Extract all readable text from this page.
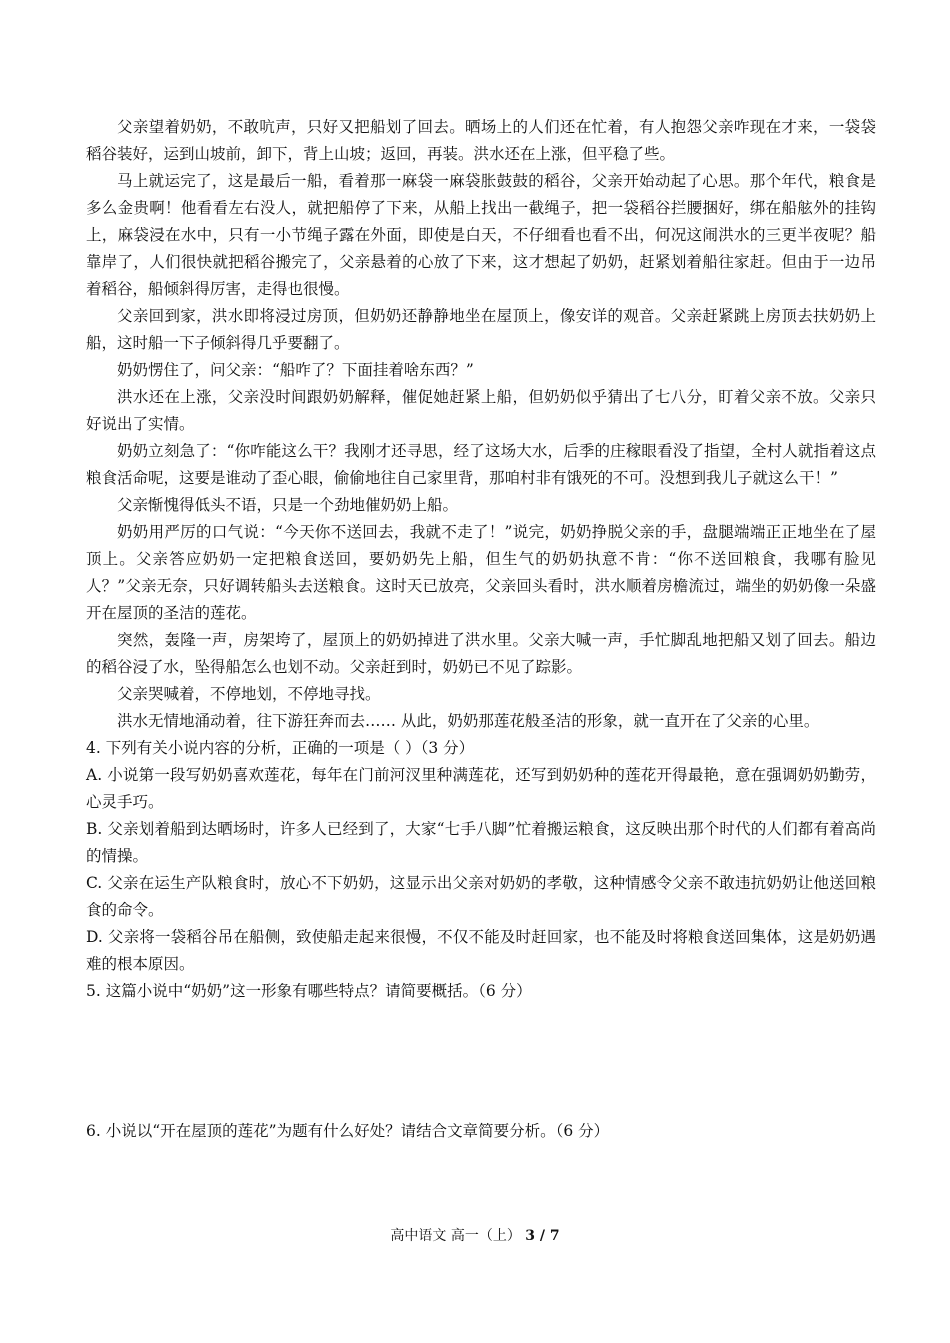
父亲望着奶奶，不敢吭声，只好又把船划了回去。晒场上的人们还在忙着，有人抱怨父亲咋现在才来，一袋袋稻谷装好，运到山坡前，卸下，背上山坡；返回，再装。洪水还在上涨，但平稳了些。

马上就运完了，这是最后一船，看着那一麻袋一麻袋胀鼓鼓的稻谷，父亲开始动起了心思。那个年代，粮食是多么金贵啊！他看看左右没人，就把船停了下来，从船上找出一截绳子，把一袋稻谷拦腰捆好，绑在船舷外的挂钩上，麻袋浸在水中，只有一小节绳子露在外面，即使是白天，不仔细看也看不出，何况这闹洪水的三更半夜呢？船靠岸了，人们很快就把稻谷搬完了，父亲悬着的心放了下来，这才想起了奶奶，赶紧划着船往家赶。但由于一边吊着稻谷，船倾斜得厉害，走得也很慢。

父亲回到家，洪水即将浸过房顶，但奶奶还静静地坐在屋顶上，像安详的观音。父亲赶紧跳上房顶去扶奶奶上船，这时船一下子倾斜得几乎要翻了。

奶奶愣住了，问父亲：“船咋了？下面挂着啥东西？”

洪水还在上涨，父亲没时间跟奶奶解释，催促她赶紧上船，但奶奶似乎猜出了七八分，盯着父亲不放。父亲只好说出了实情。

奶奶立刻急了：“你咋能这么干？我刚才还寻思，经了这场大水，后季的庄稼眼看没了指望，全村人就指着这点粮食活命呢，这要是谁动了歪心眼，偷偷地往自己家里背，那咱村非有饿死的不可。没想到我儿子就这么干！”

父亲惭愧得低头不语，只是一个劲地催奶奶上船。

奶奶用严厉的口气说：“今天你不送回去，我就不走了！”说完，奶奶挣脱父亲的手，盘腿端端正正地坐在了屋顶上。父亲答应奶奶一定把粮食送回，要奶奶先上船，但生气的奶奶执意不肯：“你不送回粮食，我哪有脸见人？”父亲无奈，只好调转船头去送粮食。这时天已放亮，父亲回头看时，洪水顺着房檐流过，端坐的奶奶像一朵盛开在屋顶的圣洁的莲花。

突然，轰隆一声，房架垮了，屋顶上的奶奶掉进了洪水里。父亲大喊一声，手忙脚乱地把船又划了回去。船边的稻谷浸了水，坠得船怎么也划不动。父亲赶到时，奶奶已不见了踪影。

父亲哭喊着，不停地划，不停地寻找。

洪水无情地涌动着，往下游狂奔而去…… 从此，奶奶那莲花般圣洁的形象，就一直开在了父亲的心里。

4. 下列有关小说内容的分析，正确的一项是（ ）（3 分）

A. 小说第一段写奶奶喜欢莲花，每年在门前河汊里种满莲花，还写到奶奶种的莲花开得最艳，意在强调奶奶勤劳，心灵手巧。

B. 父亲划着船到达晒场时，许多人已经到了，大家“七手八脚”忙着搬运粮食，这反映出那个时代的人们都有着高尚的情操。

C. 父亲在运生产队粮食时，放心不下奶奶，这显示出父亲对奶奶的孝敬，这种情感令父亲不敢违抗奶奶让他送回粮食的命令。

D. 父亲将一袋稻谷吊在船侧，致使船走起来很慢，不仅不能及时赶回家，也不能及时将粮食送回集体，这是奶奶遇难的根本原因。

5. 这篇小说中“奶奶”这一形象有哪些特点？请简要概括。（6 分）

6. 小说以“开在屋顶的莲花”为题有什么好处？请结合文章简要分析。（6 分）

高中语文 高一（上） 3 / 7
